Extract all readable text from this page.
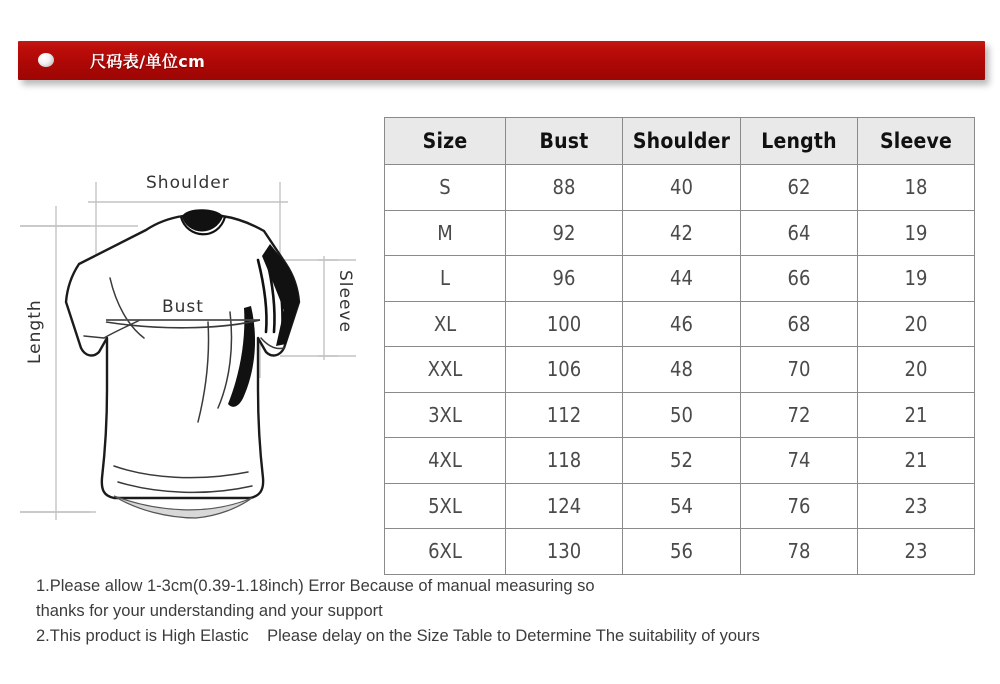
尺码表/单位cm
Shoulder
Bust
Length	Sleeve
Size	Bust	Shoulder	Length	Sleeve
S	88	40	62	18
M	92	42	64	19
L	96	44	66	19
XL	100	46	68	20
XXL	106	48	70	20
3XL	112	50	72	21
4XL	118	52	74	21
5XL	124	54	76	23
6XL	130	56	78	23
1.Please allow 1-3cm(0.39-1.18inch) Error Because of manual measuring so
thanks for your understanding and your support
2.This product is High Elastic    Please delay on the Size Table to Determine The suitability of yours
